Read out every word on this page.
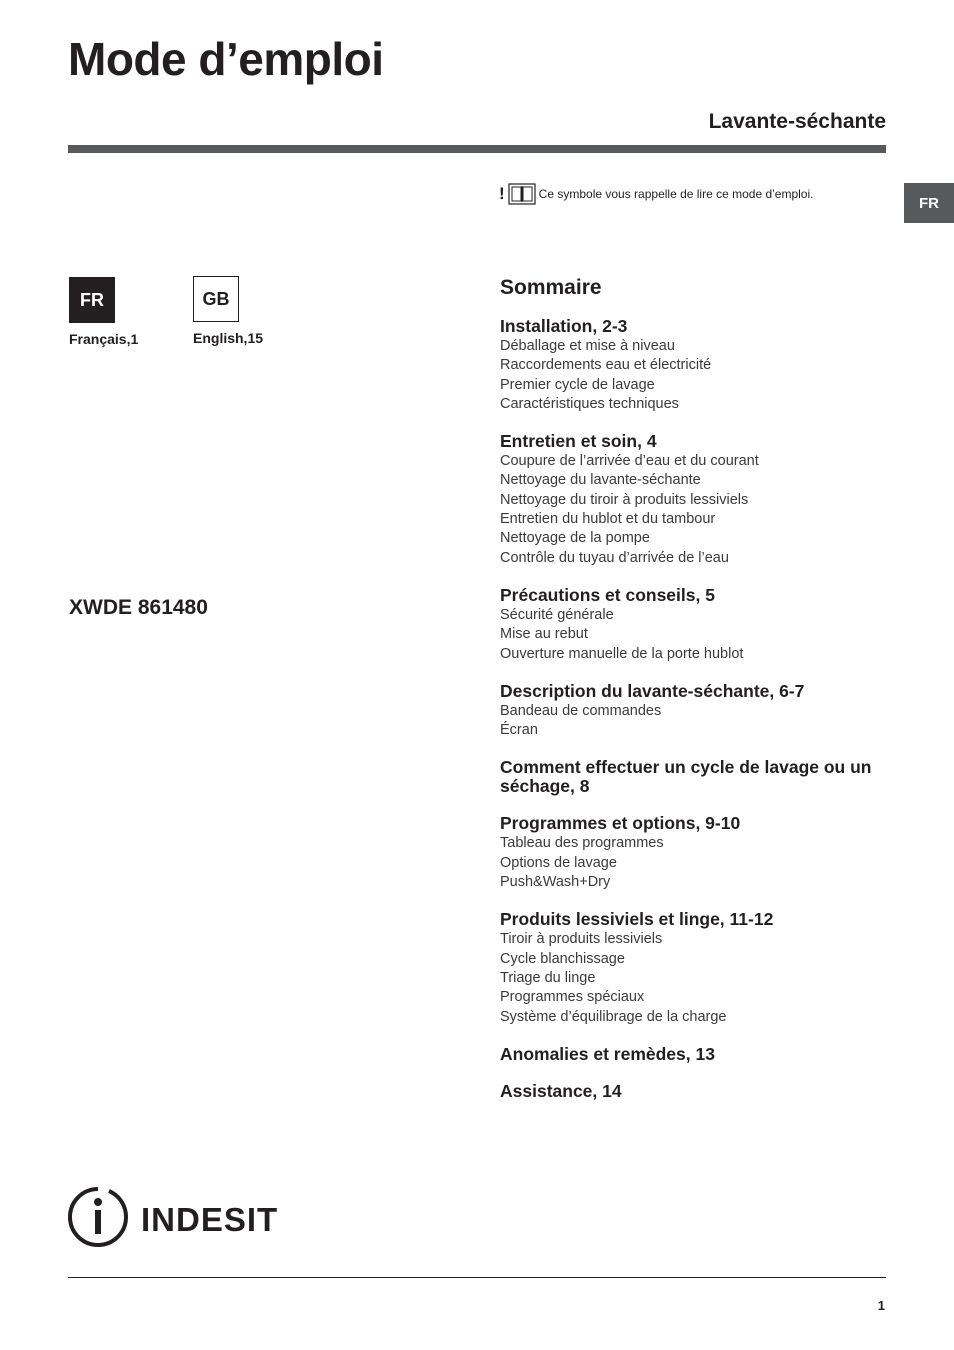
Mode d’emploi
Lavante-séchante
FR
!	Ce symbole vous rappelle de lire ce mode d’emploi.
FR
Français,1
GB
English,15
XWDE 861480
Sommaire
Installation, 2-3
Déballage et mise à niveau
Raccordements eau et électricité
Premier cycle de lavage
Caractéristiques techniques
Entretien et soin, 4
Coupure de l’arrivée d’eau et du courant
Nettoyage du lavante-séchante
Nettoyage du tiroir à produits lessiviels
Entretien du hublot et du tambour
Nettoyage de la pompe
Contrôle du tuyau d’arrivée de l’eau
Précautions et conseils, 5
Sécurité générale
Mise au rebut
Ouverture manuelle de la porte hublot
Description du lavante-séchante, 6-7
Bandeau de commandes
Écran
Comment effectuer un cycle de lavage ou un séchage, 8
Programmes et options, 9-10
Tableau des programmes
Options de lavage
Push&Wash+Dry
Produits lessiviels et linge, 11-12
Tiroir à produits lessiviels
Cycle blanchissage
Triage du linge
Programmes spéciaux
Système d’équilibrage de la charge
Anomalies et remèdes, 13
Assistance, 14
INDESIT
1
